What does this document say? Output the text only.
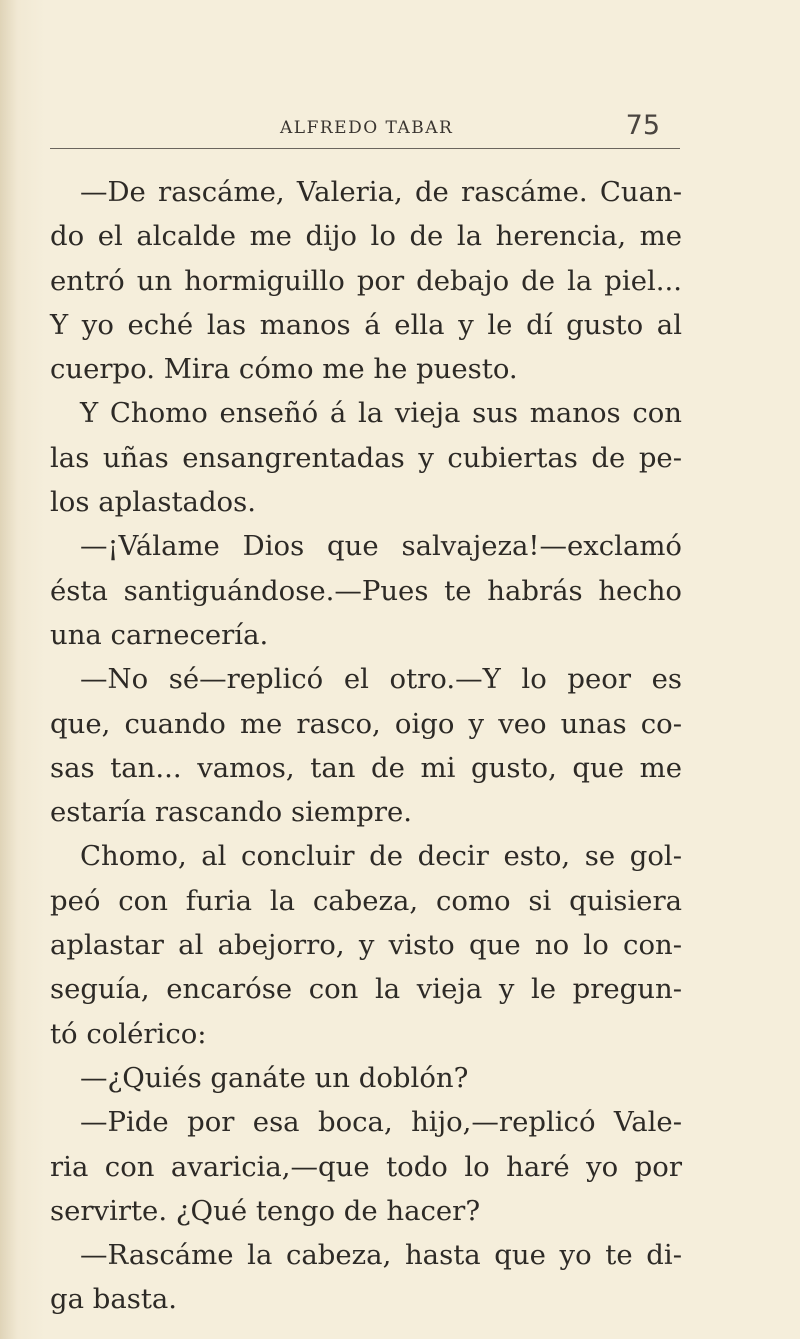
ALFREDO TABAR	75
—De rascáme, Valeria, de rascáme. Cuan-
do el alcalde me dijo lo de la herencia, me
entró un hormiguillo por debajo de la piel...
Y yo eché las manos á ella y le dí gusto al
cuerpo. Mira cómo me he puesto.
Y Chomo enseñó á la vieja sus manos con
las uñas ensangrentadas y cubiertas de pe-
los aplastados.
—¡Válame Dios que salvajeza!—exclamó
ésta santiguándose.—Pues te habrás hecho
una carnecería.
—No sé—replicó el otro.—Y lo peor es
que, cuando me rasco, oigo y veo unas co-
sas tan... vamos, tan de mi gusto, que me
estaría rascando siempre.
Chomo, al concluir de decir esto, se gol-
peó con furia la cabeza, como si quisiera
aplastar al abejorro, y visto que no lo con-
seguía, encaróse con la vieja y le pregun-
tó colérico:
—¿Quiés ganáte un doblón?
—Pide por esa boca, hijo,—replicó Vale-
ria con avaricia,—que todo lo haré yo por
servirte. ¿Qué tengo de hacer?
—Rascáme la cabeza, hasta que yo te di-
ga basta.
